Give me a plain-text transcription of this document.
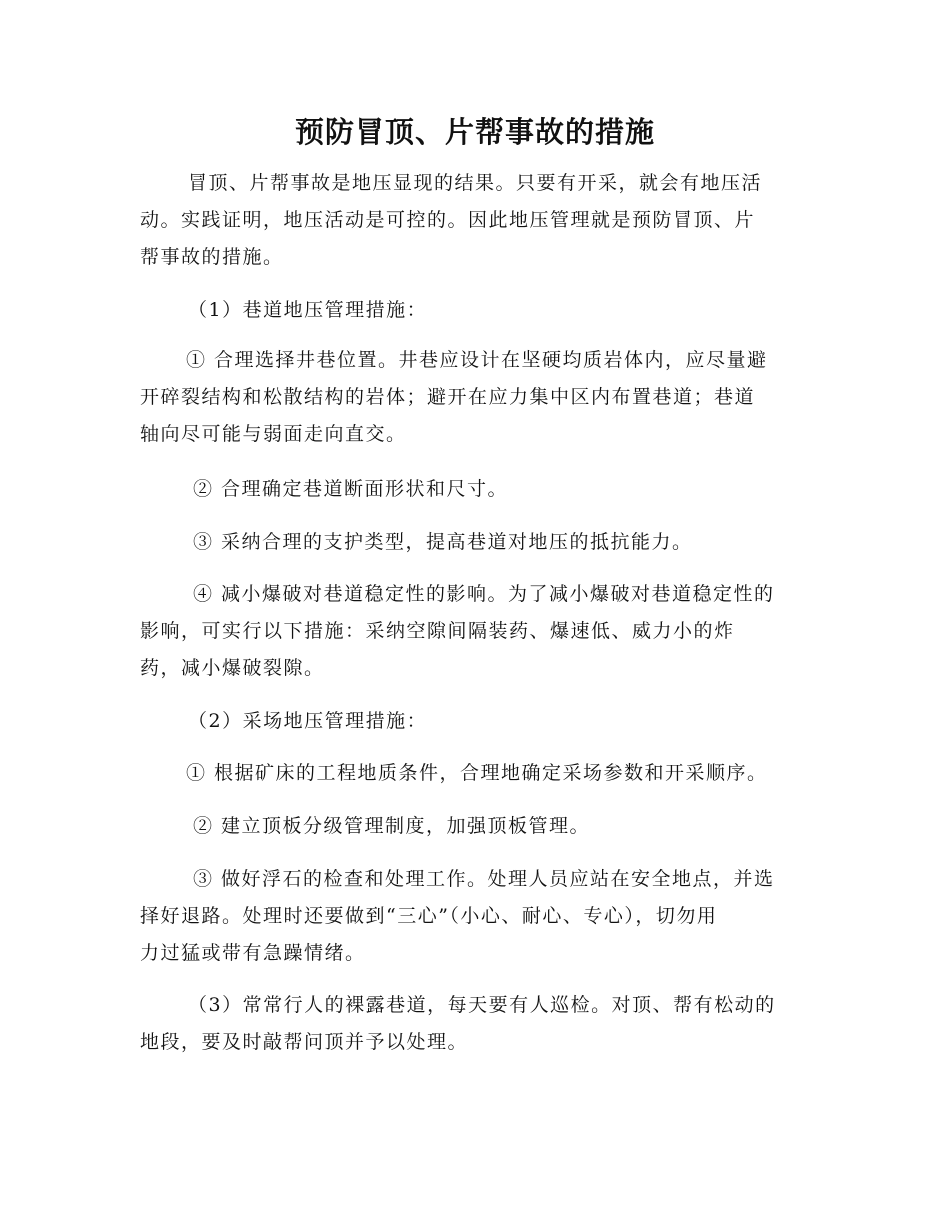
预防冒顶、片帮事故的措施

冒顶、片帮事故是地压显现的结果。只要有开采，就会有地压活

动。实践证明，地压活动是可控的。因此地压管理就是预防冒顶、片

帮事故的措施。

（1）巷道地压管理措施：

① 合理选择井巷位置。井巷应设计在坚硬均质岩体内，应尽量避

开碎裂结构和松散结构的岩体；避开在应力集中区内布置巷道；巷道

轴向尽可能与弱面走向直交。

② 合理确定巷道断面形状和尺寸。

③ 采纳合理的支护类型，提高巷道对地压的抵抗能力。

④ 减小爆破对巷道稳定性的影响。为了减小爆破对巷道稳定性的

影响，可实行以下措施：采纳空隙间隔装药、爆速低、威力小的炸

药，减小爆破裂隙。

（2）采场地压管理措施：

① 根据矿床的工程地质条件，合理地确定采场参数和开采顺序。

② 建立顶板分级管理制度，加强顶板管理。

③ 做好浮石的检查和处理工作。处理人员应站在安全地点，并选

择好退路。处理时还要做到“三心”（小心、耐心、专心），切勿用

力过猛或带有急躁情绪。

（3）常常行人的裸露巷道，每天要有人巡检。对顶、帮有松动的

地段，要及时敲帮问顶并予以处理。
